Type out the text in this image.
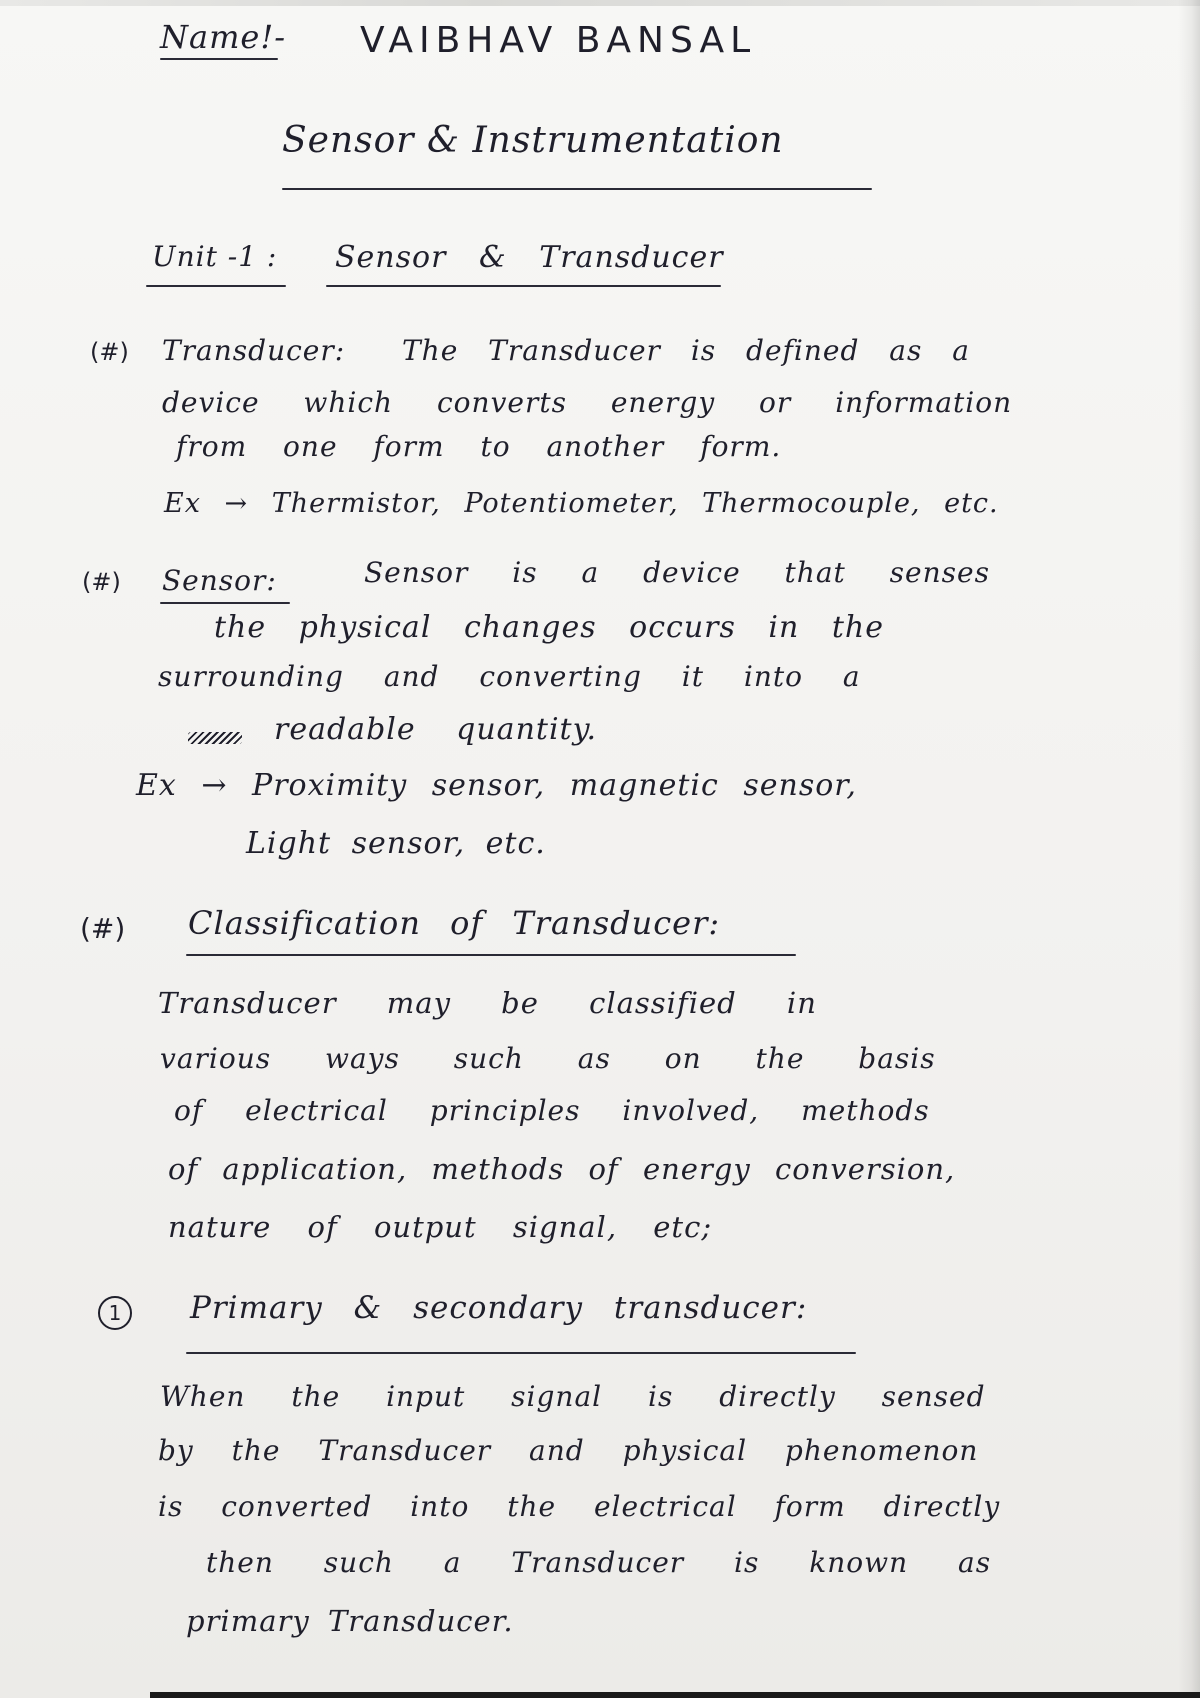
Name!- VAIBHAV BANSAL
Sensor & Instrumentation
Unit -1 : Sensor & Transducer
(#) Transducer: The Transducer is defined as a
device which converts energy or information
from one form to another form.
Ex → Thermistor, Potentiometer, Thermocouple, etc.
(#) Sensor:	Sensor is a device that senses
the physical changes occurs in the
surrounding and converting it into a
readable quantity.
Ex → Proximity sensor, magnetic sensor,
Light sensor, etc.
(#) Classification of Transducer:
Transducer may be classified in
various ways such as on the basis
of electrical principles involved, methods
of application, methods of energy conversion,
nature of output signal, etc;
1	Primary & secondary transducer:
When the input signal is directly sensed
by the Transducer and physical phenomenon
is converted into the electrical form directly
then such a Transducer is known as
primary Transducer.
